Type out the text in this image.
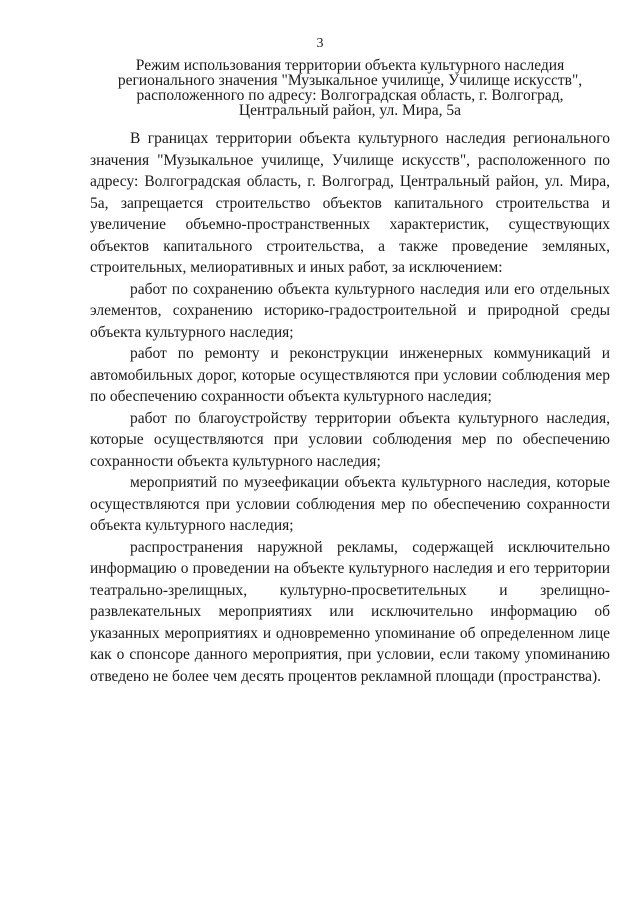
3
Режим использования территории объекта культурного наследия регионального значения "Музыкальное училище, Училище искусств", расположенного по адресу: Волгоградская область, г. Волгоград, Центральный район, ул. Мира, 5а

В границах территории объекта культурного наследия регионального значения "Музыкальное училище, Училище искусств", расположенного по адресу: Волгоградская область, г. Волгоград, Центральный район, ул. Мира, 5а, запрещается строительство объектов капитального строительства и увеличение объемно-пространственных характеристик, существующих объектов капитального строительства, а также проведение земляных, строительных, мелиоративных и иных работ, за исключением:

работ по сохранению объекта культурного наследия или его отдельных элементов, сохранению историко-градостроительной и природной среды объекта культурного наследия;

работ по ремонту и реконструкции инженерных коммуникаций и автомобильных дорог, которые осуществляются при условии соблюдения мер по обеспечению сохранности объекта культурного наследия;

работ по благоустройству территории объекта культурного наследия, которые осуществляются при условии соблюдения мер по обеспечению сохранности объекта культурного наследия;

мероприятий по музеефикации объекта культурного наследия, которые осуществляются при условии соблюдения мер по обеспечению сохранности объекта культурного наследия;

распространения наружной рекламы, содержащей исключительно информацию о проведении на объекте культурного наследия и его территории театрально-зрелищных, культурно-просветительных и зрелищно-развлекательных мероприятиях или исключительно информацию об указанных мероприятиях и одновременно упоминание об определенном лице как о спонсоре данного мероприятия, при условии, если такому упоминанию отведено не более чем десять процентов рекламной площади (пространства).
